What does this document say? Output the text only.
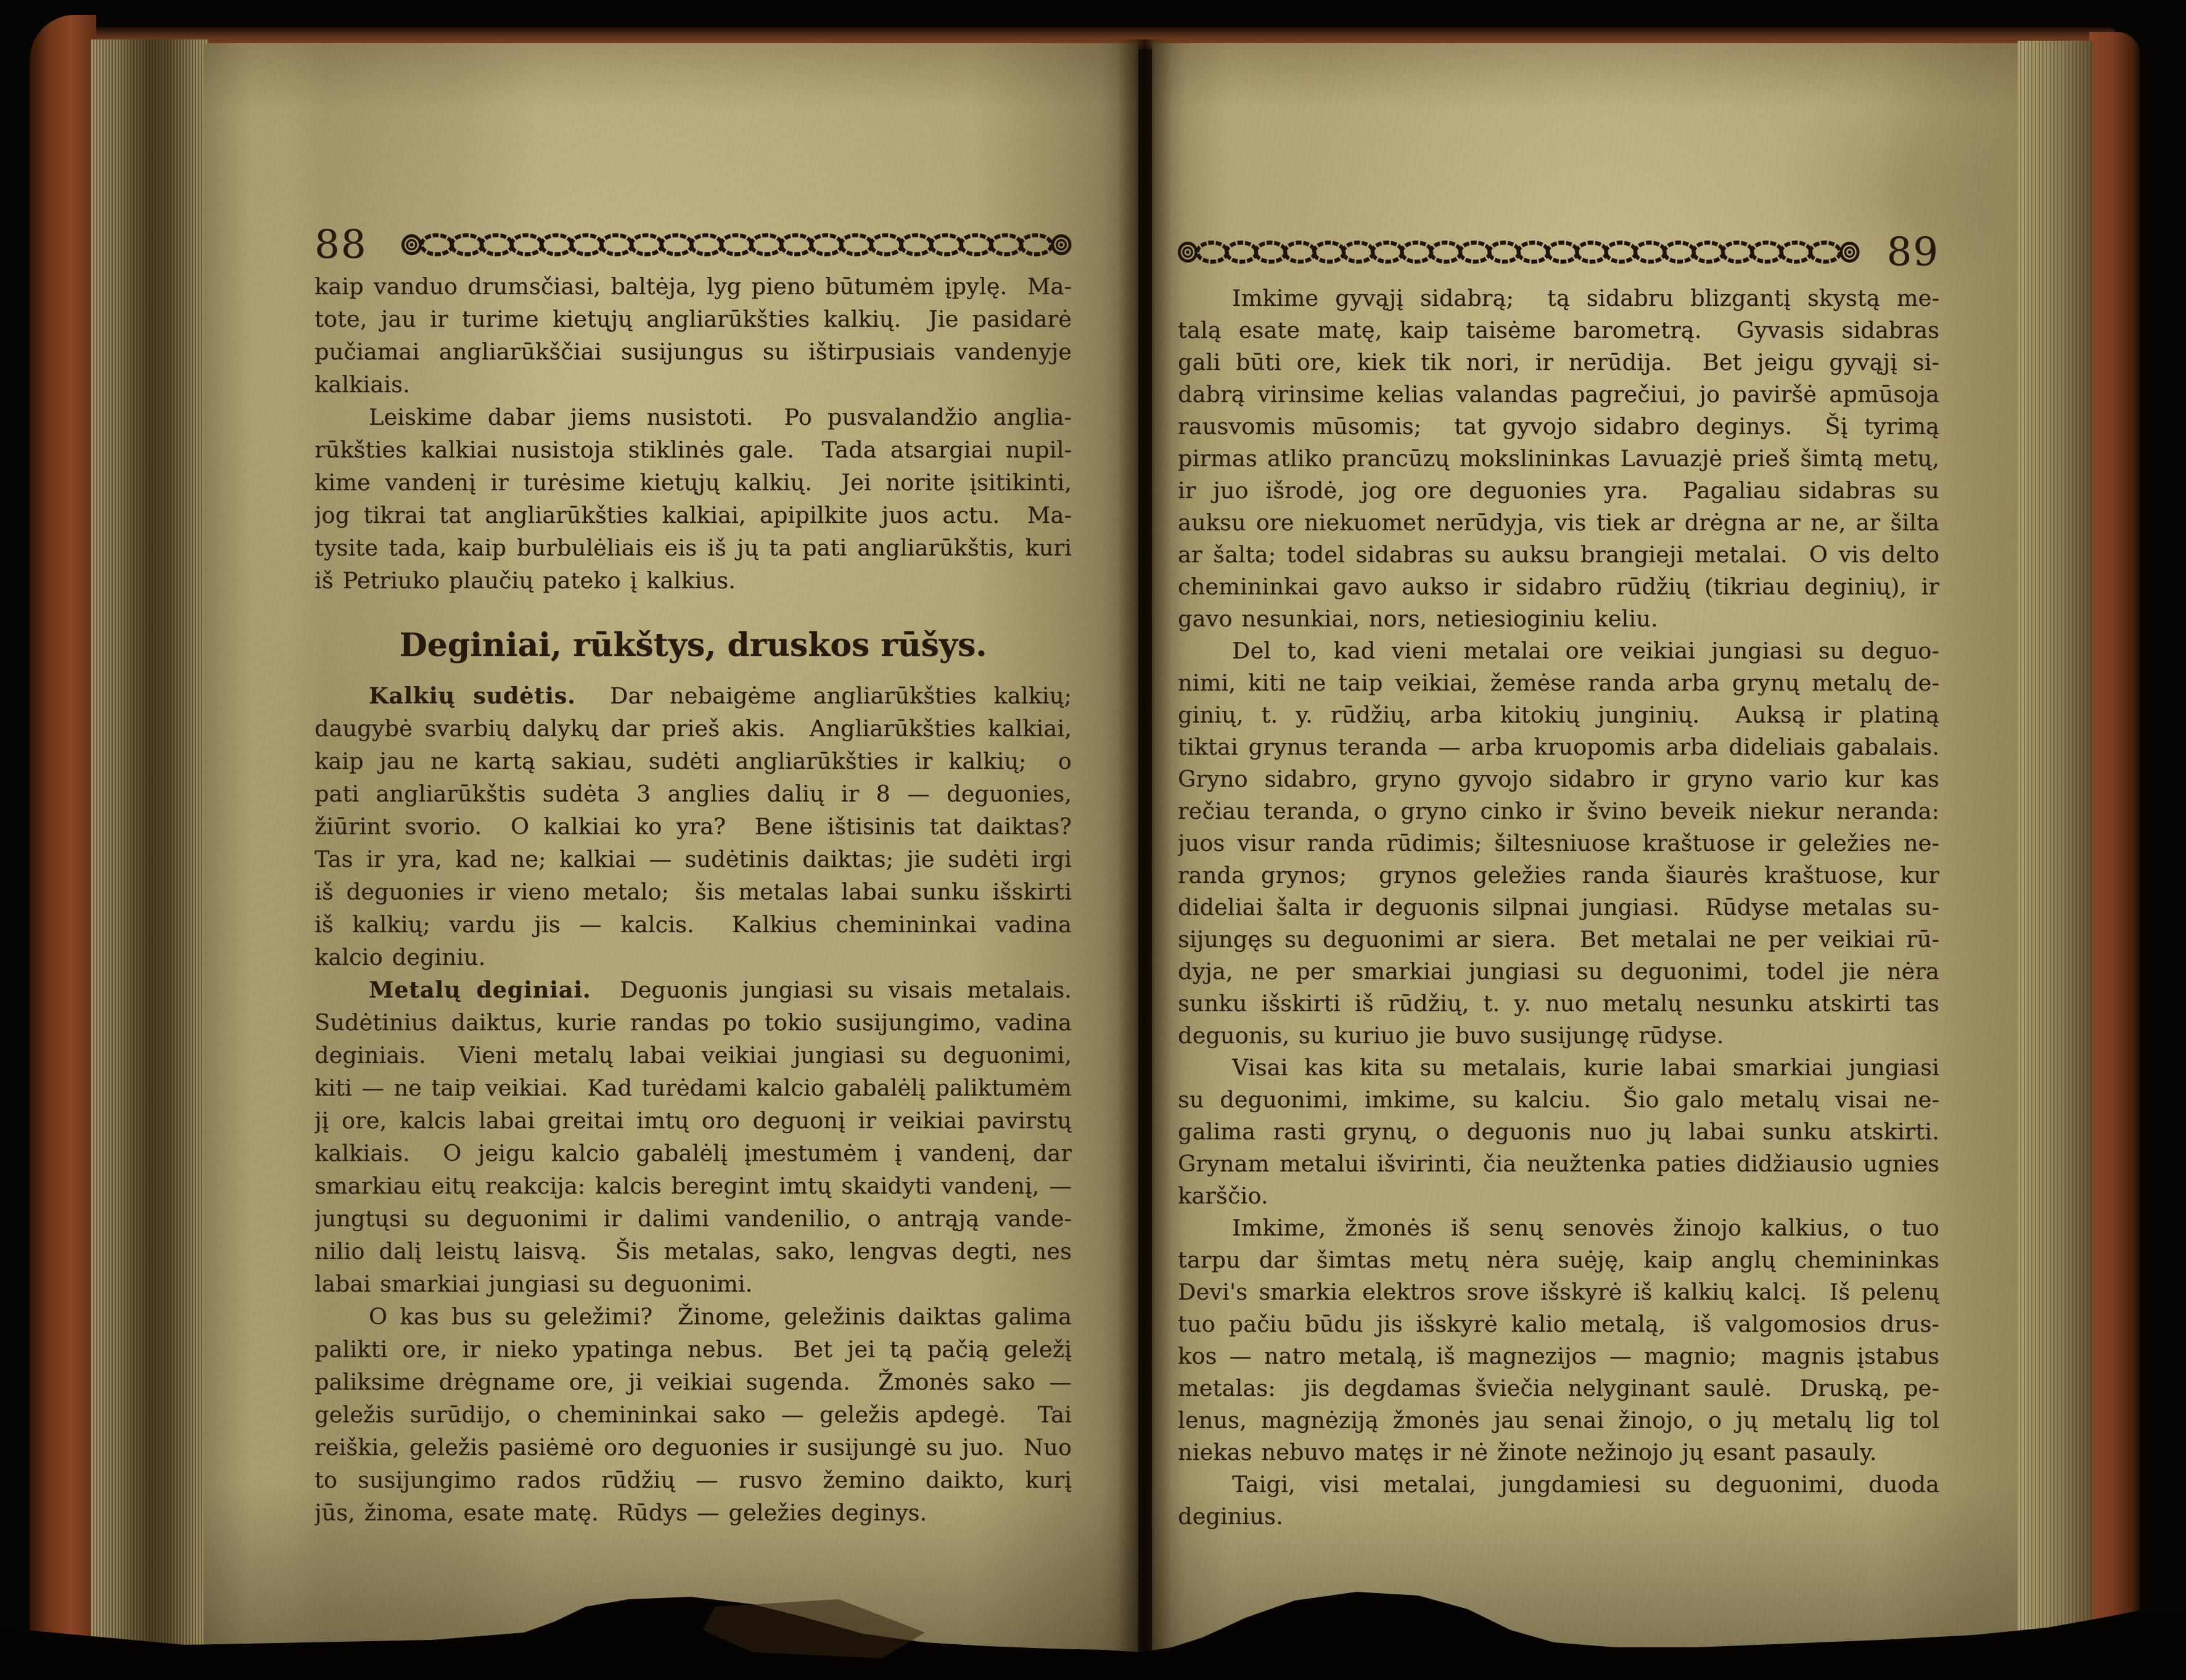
88
kaip vanduo drumsčiasi, baltėja, lyg pieno būtumėm įpylę.  Ma-
tote, jau ir turime kietųjų angliarūkšties kalkių.  Jie pasidarė
pučiamai angliarūkščiai susijungus su ištirpusiais vandenyje
kalkiais.
Leiskime dabar jiems nusistoti.  Po pusvalandžio anglia-
rūkšties kalkiai nusistoja stiklinės gale.  Tada atsargiai nupil-
kime vandenį ir turėsime kietųjų kalkių.  Jei norite įsitikinti,
jog tikrai tat angliarūkšties kalkiai, apipilkite juos actu.  Ma-
tysite tada, kaip burbulėliais eis iš jų ta pati angliarūkštis, kuri
iš Petriuko plaučių pateko į kalkius.
Deginiai, rūkštys, druskos rūšys.
Kalkių sudėtis.  Dar nebaigėme angliarūkšties kalkių;
daugybė svarbių dalykų dar prieš akis.  Angliarūkšties kalkiai,
kaip jau ne kartą sakiau, sudėti angliarūkšties ir kalkių;  o
pati angliarūkštis sudėta 3 anglies dalių ir 8 — deguonies,
žiūrint svorio.  O kalkiai ko yra?  Bene ištisinis tat daiktas?
Tas ir yra, kad ne; kalkiai — sudėtinis daiktas; jie sudėti irgi
iš deguonies ir vieno metalo;  šis metalas labai sunku išskirti
iš kalkių; vardu jis — kalcis.  Kalkius chemininkai vadina
kalcio deginiu.
Metalų deginiai.  Deguonis jungiasi su visais metalais.
Sudėtinius daiktus, kurie randas po tokio susijungimo, vadina
deginiais.  Vieni metalų labai veikiai jungiasi su deguonimi,
kiti — ne taip veikiai.  Kad turėdami kalcio gabalėlį paliktumėm
jį ore, kalcis labai greitai imtų oro deguonį ir veikiai pavirstų
kalkiais.  O jeigu kalcio gabalėlį įmestumėm į vandenį, dar
smarkiau eitų reakcija: kalcis beregint imtų skaidyti vandenį, —
jungtųsi su deguonimi ir dalimi vandenilio, o antrąją vande-
nilio dalį leistų laisvą.  Šis metalas, sako, lengvas degti, nes
labai smarkiai jungiasi su deguonimi.
O kas bus su geležimi?  Žinome, geležinis daiktas galima
palikti ore, ir nieko ypatinga nebus.  Bet jei tą pačią geležį
paliksime drėgname ore, ji veikiai sugenda.  Žmonės sako —
geležis surūdijo, o chemininkai sako — geležis apdegė.  Tai
reiškia, geležis pasiėmė oro deguonies ir susijungė su juo.  Nuo
to susijungimo rados rūdžių — rusvo žemino daikto, kurį
jūs, žinoma, esate matę.  Rūdys — geležies deginys.
89
Imkime gyvąjį sidabrą;  tą sidabru blizgantį skystą me-
talą esate matę, kaip taisėme barometrą.  Gyvasis sidabras
gali būti ore, kiek tik nori, ir nerūdija.  Bet jeigu gyvąjį si-
dabrą virinsime kelias valandas pagrečiui, jo paviršė apmūsoja
rausvomis mūsomis;  tat gyvojo sidabro deginys.  Šį tyrimą
pirmas atliko prancūzų mokslininkas Lavuazjė prieš šimtą metų,
ir juo išrodė, jog ore deguonies yra.  Pagaliau sidabras su
auksu ore niekuomet nerūdyja, vis tiek ar drėgna ar ne, ar šilta
ar šalta; todel sidabras su auksu brangieji metalai.  O vis delto
chemininkai gavo aukso ir sidabro rūdžių (tikriau deginių), ir
gavo nesunkiai, nors, netiesioginiu keliu.
Del to, kad vieni metalai ore veikiai jungiasi su deguo-
nimi, kiti ne taip veikiai, žemėse randa arba grynų metalų de-
ginių, t. y. rūdžių, arba kitokių junginių.  Auksą ir platiną
tiktai grynus teranda — arba kruopomis arba dideliais gabalais.
Gryno sidabro, gryno gyvojo sidabro ir gryno vario kur kas
rečiau teranda, o gryno cinko ir švino beveik niekur neranda:
juos visur randa rūdimis; šiltesniuose kraštuose ir geležies ne-
randa grynos;  grynos geležies randa šiaurės kraštuose, kur
dideliai šalta ir deguonis silpnai jungiasi.  Rūdyse metalas su-
sijungęs su deguonimi ar siera.  Bet metalai ne per veikiai rū-
dyja, ne per smarkiai jungiasi su deguonimi, todel jie nėra
sunku išskirti iš rūdžių, t. y. nuo metalų nesunku atskirti tas
deguonis, su kuriuo jie buvo susijungę rūdyse.
Visai kas kita su metalais, kurie labai smarkiai jungiasi
su deguonimi, imkime, su kalciu.  Šio galo metalų visai ne-
galima rasti grynų, o deguonis nuo jų labai sunku atskirti.
Grynam metalui išvirinti, čia neužtenka paties didžiausio ugnies
karščio.
Imkime, žmonės iš senų senovės žinojo kalkius, o tuo
tarpu dar šimtas metų nėra suėję, kaip anglų chemininkas
Devi's smarkia elektros srove išskyrė iš kalkių kalcį.  Iš pelenų
tuo pačiu būdu jis išskyrė kalio metalą,  iš valgomosios drus-
kos — natro metalą, iš magnezijos — magnio;  magnis įstabus
metalas:  jis degdamas šviečia nelyginant saulė.  Druską, pe-
lenus, magnėziją žmonės jau senai žinojo, o jų metalų lig tol
niekas nebuvo matęs ir nė žinote nežinojo jų esant pasauly.
Taigi, visi metalai, jungdamiesi su deguonimi, duoda
deginius.
